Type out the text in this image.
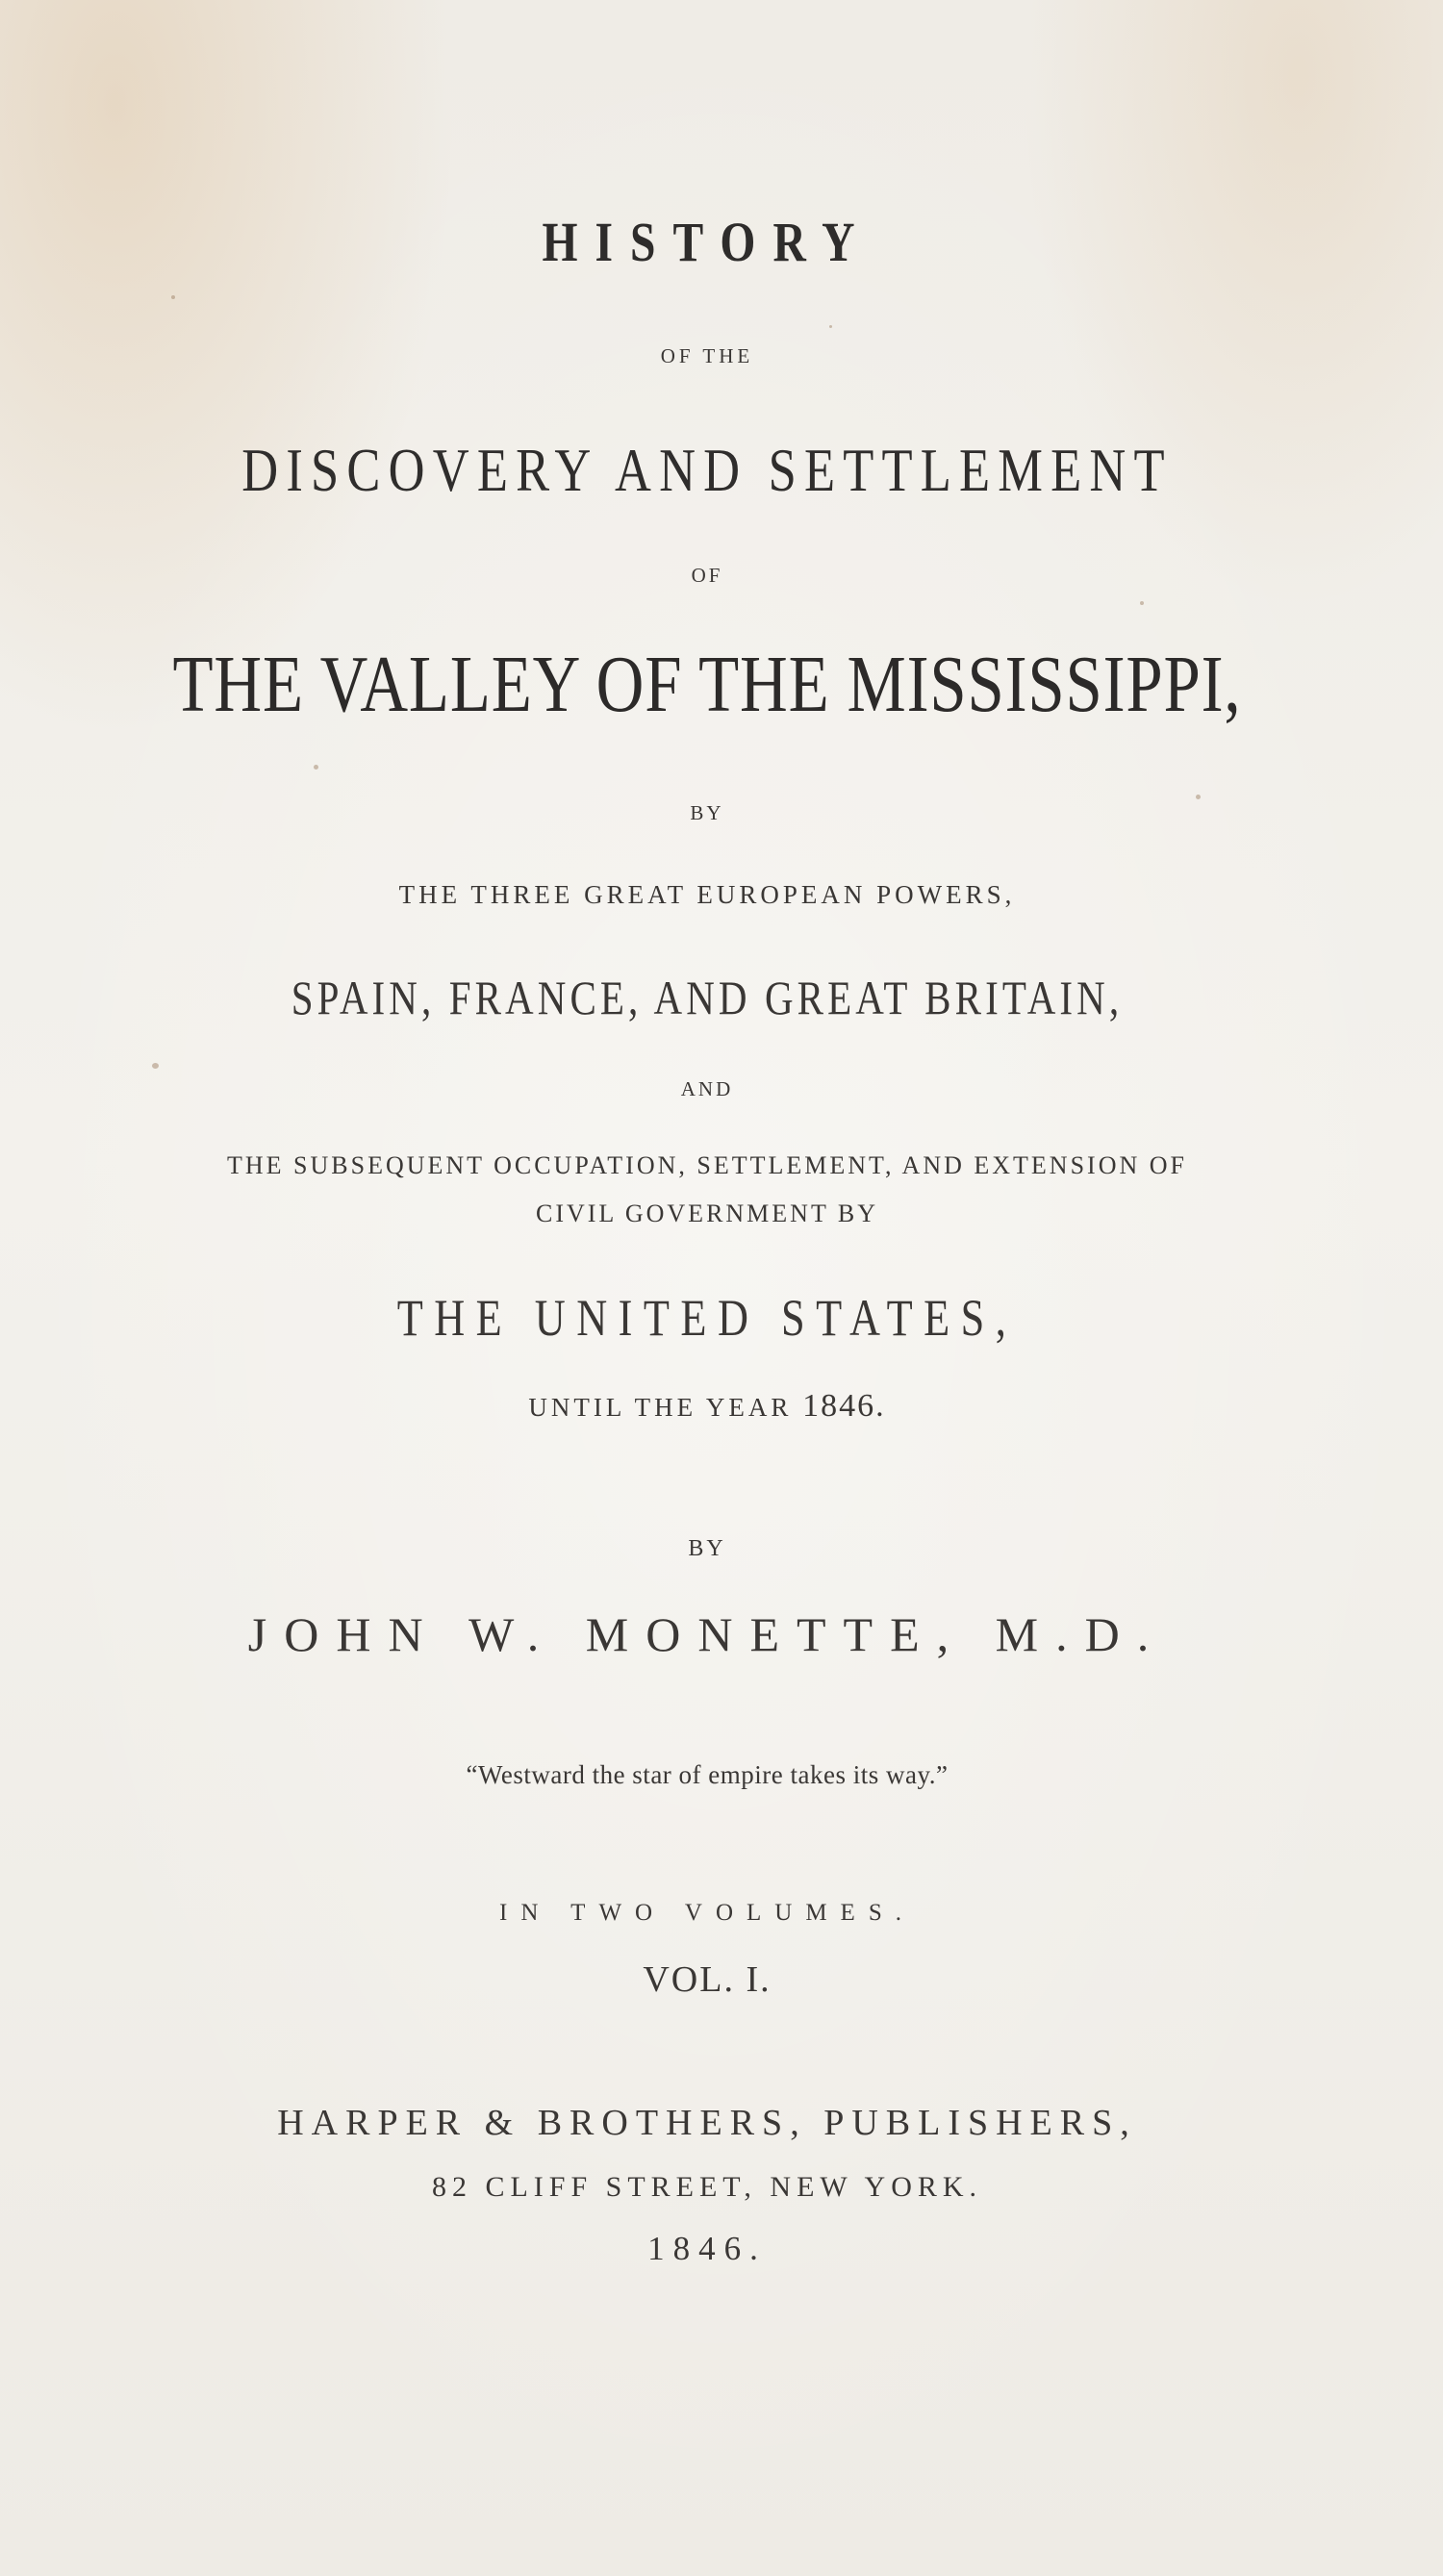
HISTORY
OF THE
DISCOVERY AND SETTLEMENT
OF
THE VALLEY OF THE MISSISSIPPI,
BY
THE THREE GREAT EUROPEAN POWERS,
SPAIN, FRANCE, AND GREAT BRITAIN,
AND
THE SUBSEQUENT OCCUPATION, SETTLEMENT, AND EXTENSION OF
CIVIL GOVERNMENT BY
THE UNITED STATES,
UNTIL THE YEAR 1846.
BY
JOHN W. MONETTE, M.D.
“Westward the star of empire takes its way.”
IN TWO VOLUMES.
VOL. I.
HARPER & BROTHERS, PUBLISHERS,
82 CLIFF STREET, NEW YORK.
1846.
